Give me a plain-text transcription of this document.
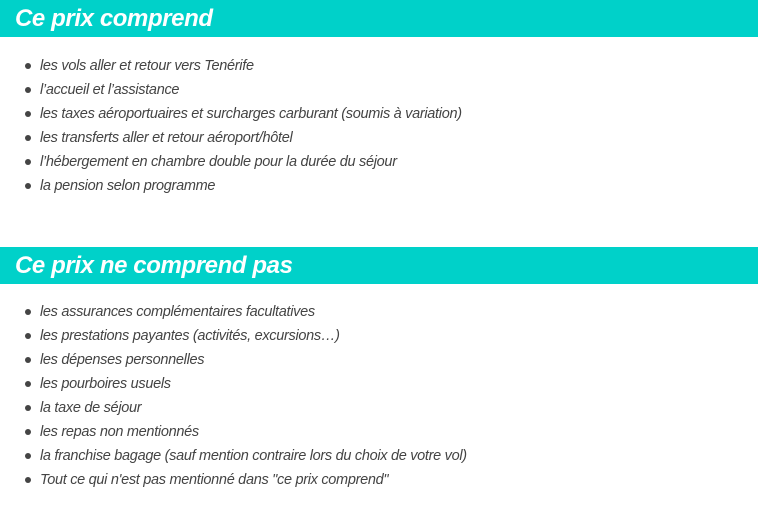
Ce prix comprend
les vols aller et retour vers Tenérife
l’accueil et l’assistance
les taxes aéroportuaires et surcharges carburant (soumis à variation)
les transferts aller et retour aéroport/hôtel
l’hébergement en chambre double pour la durée du séjour
la pension selon programme
Ce prix ne comprend pas
les assurances complémentaires facultatives
les prestations payantes (activités, excursions…)
les dépenses personnelles
les pourboires usuels
la taxe de séjour
les repas non mentionnés
la franchise bagage (sauf mention contraire lors du choix de votre vol)
Tout ce qui n'est pas mentionné dans "ce prix comprend"
